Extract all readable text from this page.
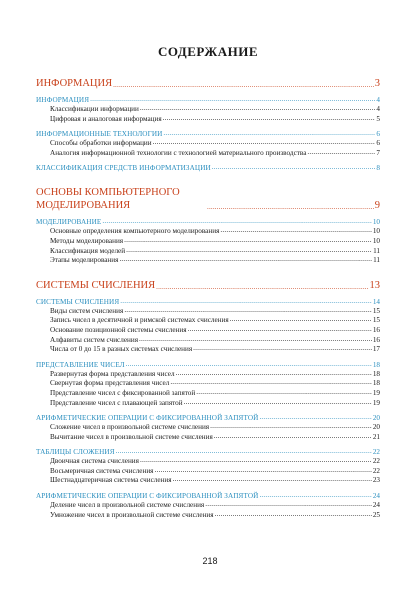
СОДЕРЖАНИЕ
ИНФОРМАЦИЯ .....	3
ИНФОРМАЦИЯ .....	4
Классификации информации .....	4
Цифровая и аналоговая информация .....	5
ИНФОРМАЦИОННЫЕ ТЕХНОЛОГИИ .....	6
Способы обработки информации .....	6
Аналогия информационной технологии с технологией материального производства .....	7
КЛАССИФИКАЦИЯ СРЕДСТВ ИНФОРМАТИЗАЦИИ .....	8
ОСНОВЫ КОМПЬЮТЕРНОГО МОДЕЛИРОВАНИЯ .....	9
МОДЕЛИРОВАНИЕ .....	10
Основные определения компьютерного моделирования .....	10
Методы моделирования .....	10
Классификация моделей .....	11
Этапы моделирования .....	11
СИСТЕМЫ СЧИСЛЕНИЯ .....	13
СИСТЕМЫ СЧИСЛЕНИЯ .....	14
Виды систем счисления .....	15
Запись чисел в десятичной и римской системах счисления .....	15
Основание позиционной системы счисления .....	16
Алфавиты систем счисления .....	16
Числа от 0 до 15 в разных системах счисления .....	17
ПРЕДСТАВЛЕНИЕ ЧИСЕЛ .....	18
Развернутая форма представления чисел .....	18
Свернутая форма представления чисел .....	18
Представление чисел с фиксированной запятой .....	19
Представление чисел с плавающей запятой .....	19
АРИФМЕТИЧЕСКИЕ ОПЕРАЦИИ С ФИКСИРОВАННОЙ ЗАПЯТОЙ .....	20
Сложение чисел в произвольной системе счисления .....	20
Вычитание чисел в произвольной системе счисления .....	21
ТАБЛИЦЫ СЛОЖЕНИЯ .....	22
Двоичная система счисления .....	22
Восьмеричная система счисления .....	22
Шестнадцатеричная система счисления .....	23
АРИФМЕТИЧЕСКИЕ ОПЕРАЦИИ С ФИКСИРОВАННОЙ ЗАПЯТОЙ .....	24
Деление чисел в произвольной системе счисления .....	24
Умножение чисел в произвольной системе счисления .....	25
218
